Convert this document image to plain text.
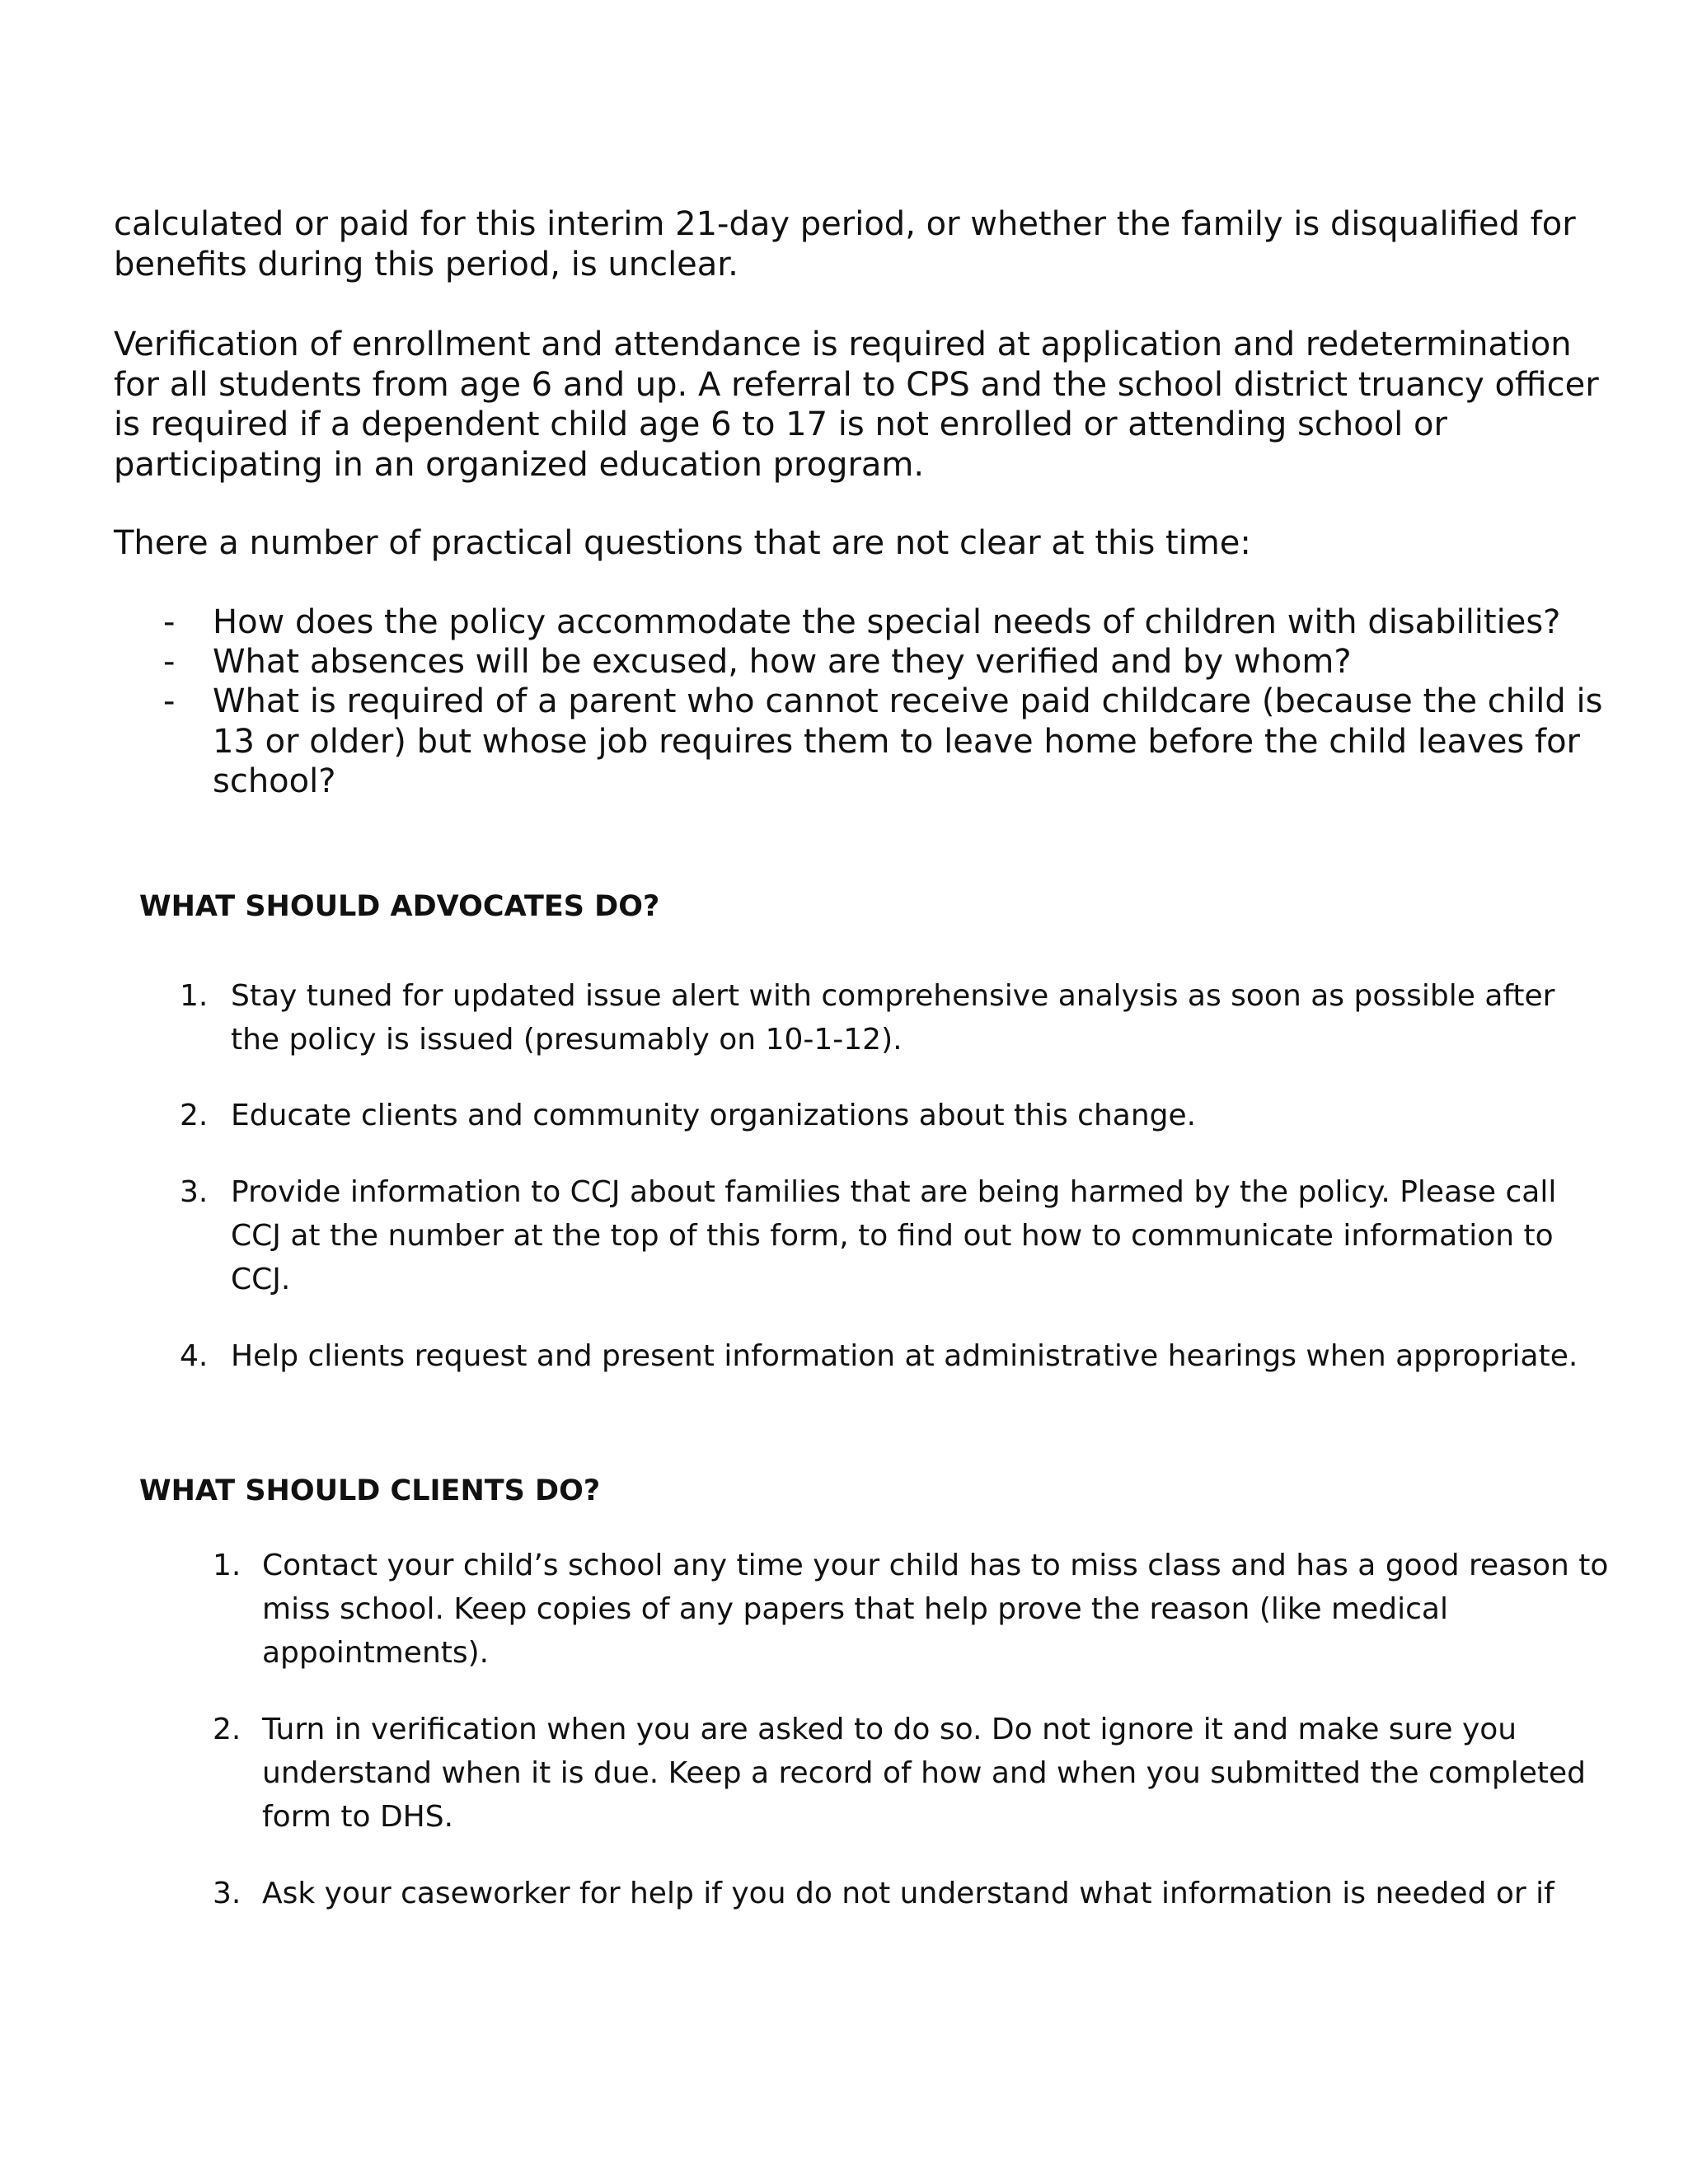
calculated or paid for this interim 21-day period, or whether the family is disqualified for benefits during this period, is unclear.

Verification of enrollment and attendance is required at application and redetermination for all students from age 6 and up. A referral to CPS and the school district truancy officer is required if a dependent child age 6 to 17 is not enrolled or attending school or participating in an organized education program.

There a number of practical questions that are not clear at this time:

- How does the policy accommodate the special needs of children with disabilities?
- What absences will be excused, how are they verified and by whom?
- What is required of a parent who cannot receive paid childcare (because the child is 13 or older) but whose job requires them to leave home before the child leaves for school?
WHAT SHOULD ADVOCATES DO?
1. Stay tuned for updated issue alert with comprehensive analysis as soon as possible after the policy is issued (presumably on 10-1-12).
2. Educate clients and community organizations about this change.
3. Provide information to CCJ about families that are being harmed by the policy. Please call CCJ at the number at the top of this form, to find out how to communicate information to CCJ.
4. Help clients request and present information at administrative hearings when appropriate.
WHAT SHOULD CLIENTS DO?
1. Contact your child’s school any time your child has to miss class and has a good reason to miss school. Keep copies of any papers that help prove the reason (like medical appointments).
2. Turn in verification when you are asked to do so. Do not ignore it and make sure you understand when it is due. Keep a record of how and when you submitted the completed form to DHS.
3. Ask your caseworker for help if you do not understand what information is needed or if
